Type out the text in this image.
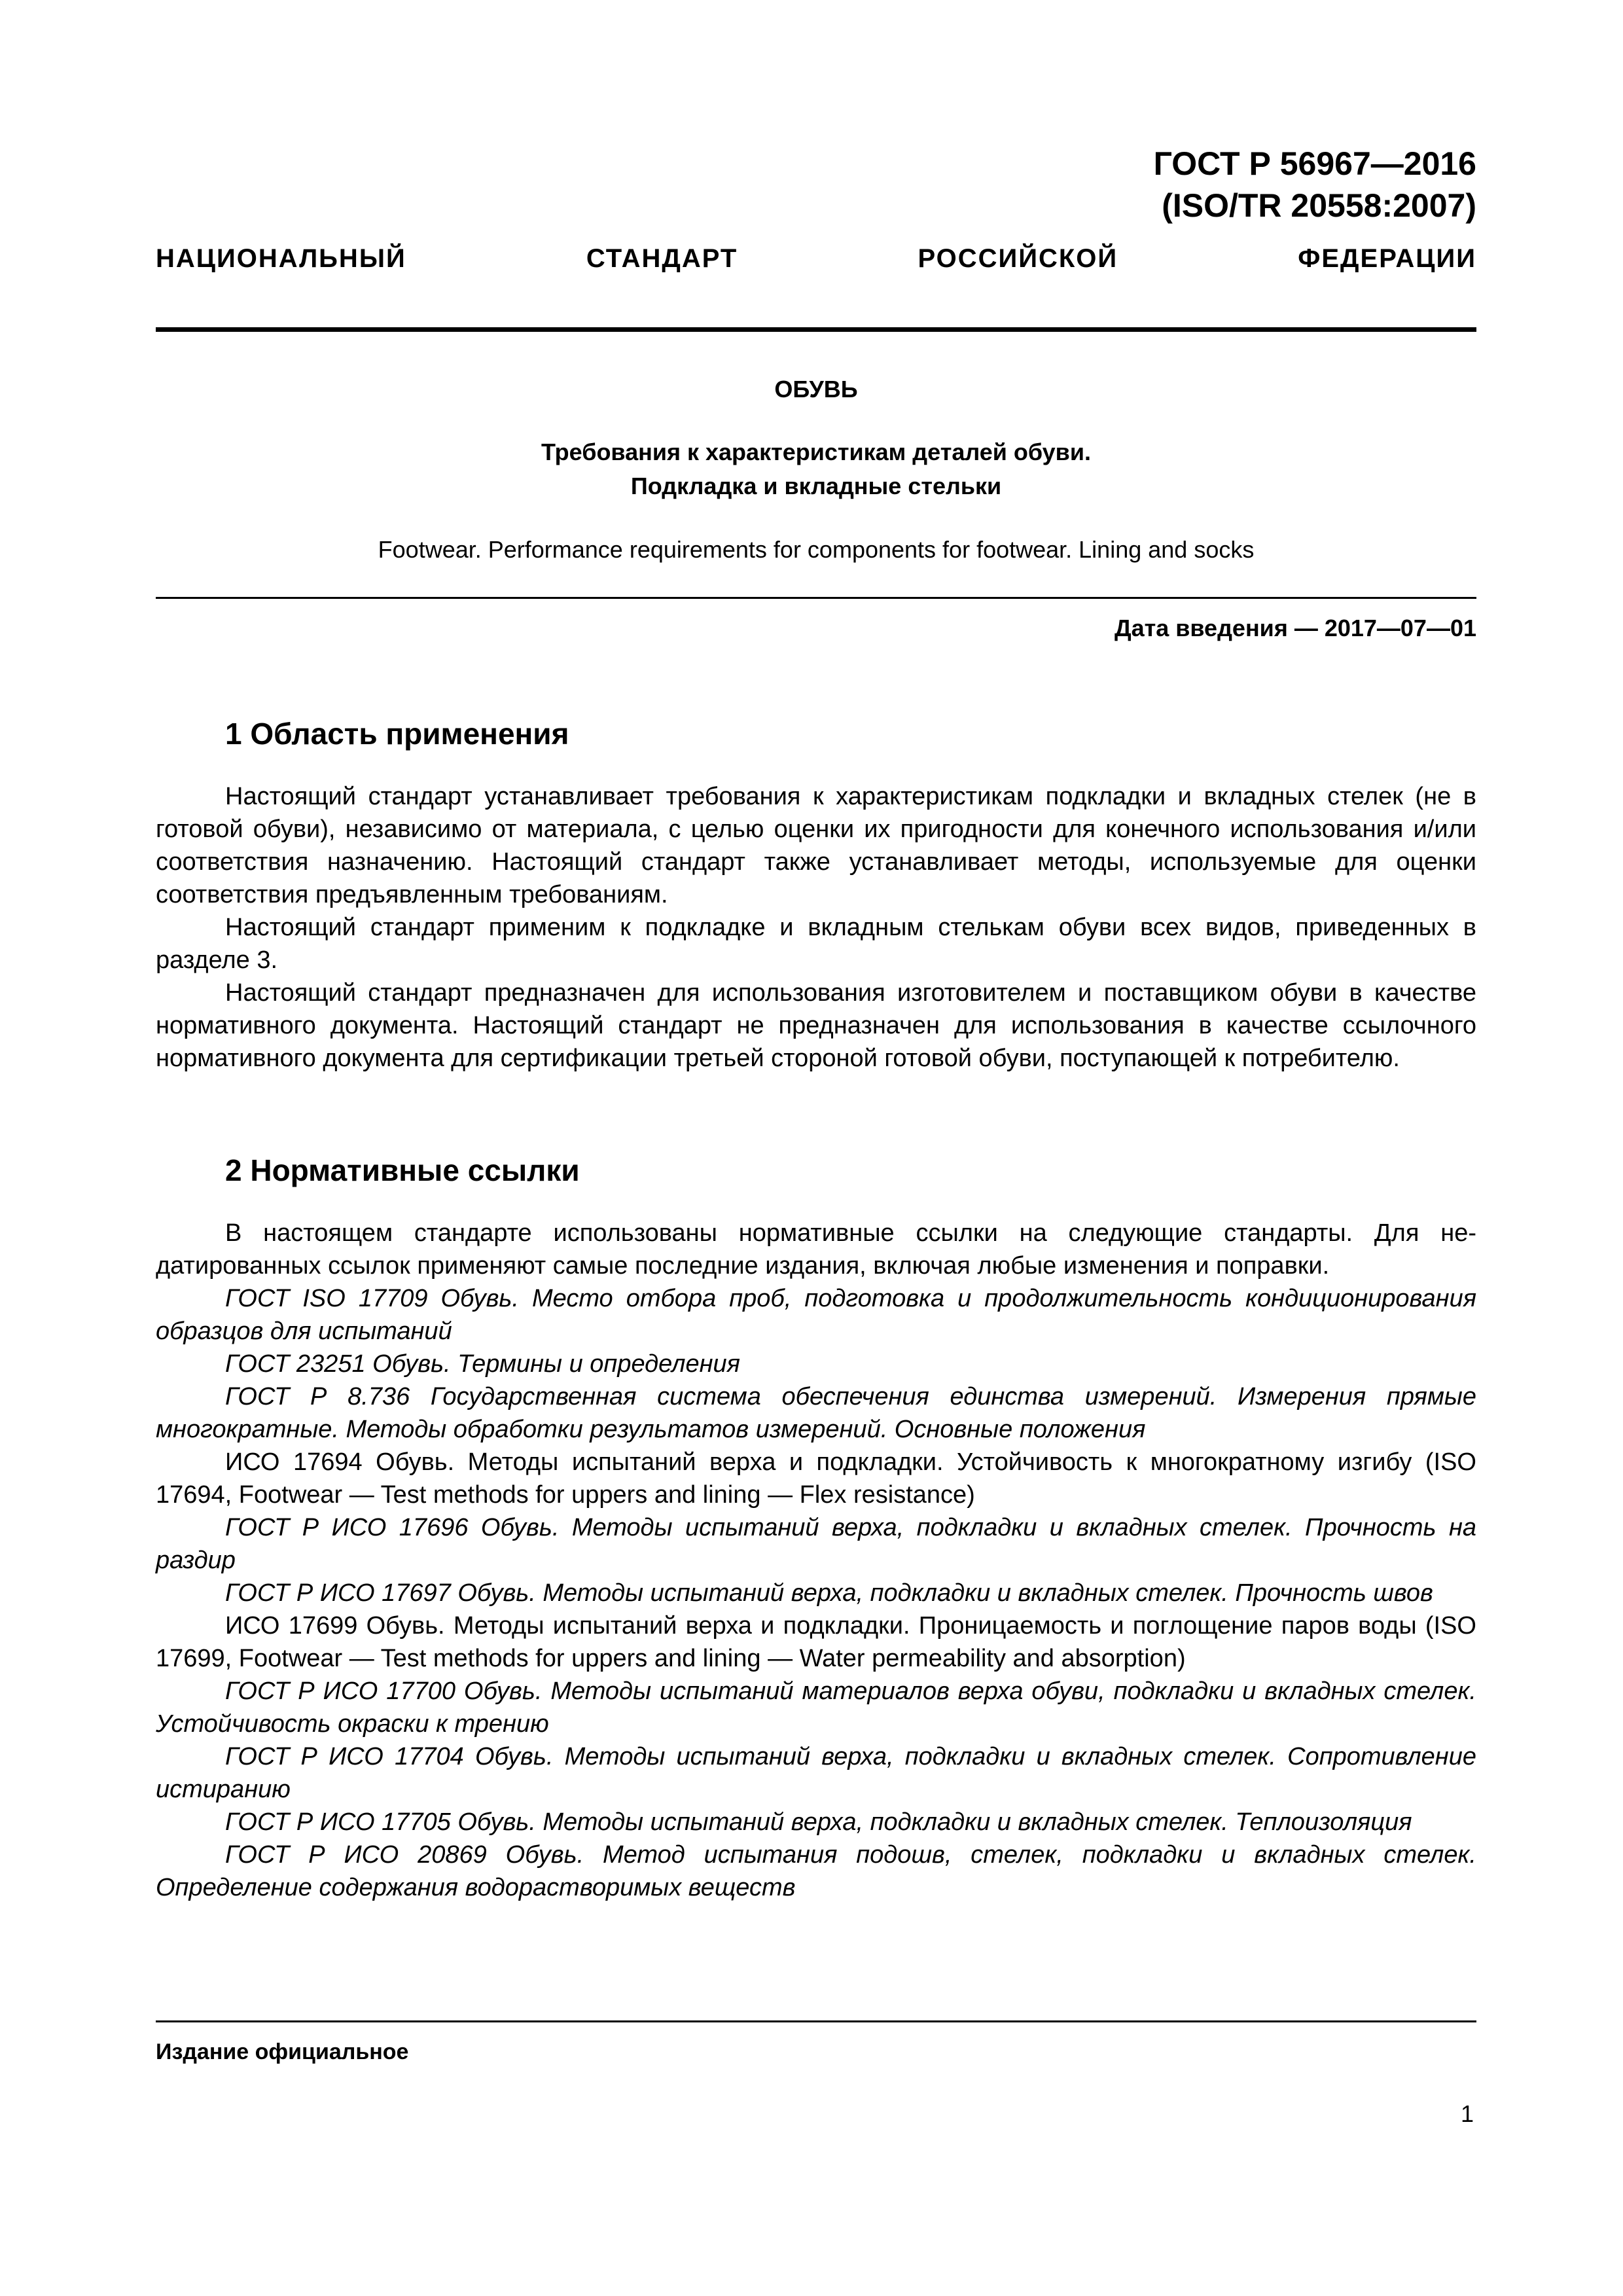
ГОСТ Р 56967—2016
(ISO/TR 20558:2007)
НАЦИОНАЛЬНЫЙ СТАНДАРТ РОССИЙСКОЙ ФЕДЕРАЦИИ
ОБУВЬ
Требования к характеристикам деталей обуви.
Подкладка и вкладные стельки
Footwear. Performance requirements for components for footwear. Lining and socks
Дата введения — 2017—07—01
1 Область применения

Настоящий стандарт устанавливает требования к характеристикам подкладки и вкладных стелек (не в готовой обуви), независимо от материала, с целью оценки их пригодности для конечного использования и/или соответствия назначению. Настоящий стандарт также устанавливает методы, используемые для оценки соответствия предъявленным требованиям.

Настоящий стандарт применим к подкладке и вкладным стелькам обуви всех видов, приведенных в разделе 3.

Настоящий стандарт предназначен для использования изготовителем и поставщиком обуви в качестве нормативного документа. Настоящий стандарт не предназначен для использования в качестве ссылочного нормативного документа для сертификации третьей стороной готовой обуви, поступающей к потребителю.

2 Нормативные ссылки

В настоящем стандарте использованы нормативные ссылки на следующие стандарты. Для недатированных ссылок применяют самые последние издания, включая любые изменения и поправки.

ГОСТ ISO 17709 Обувь. Место отбора проб, подготовка и продолжительность кондиционирования образцов для испытаний

ГОСТ 23251 Обувь. Термины и определения

ГОСТ Р 8.736 Государственная система обеспечения единства измерений. Измерения прямые многократные. Методы обработки результатов измерений. Основные положения

ИСО 17694 Обувь. Методы испытаний верха и подкладки. Устойчивость к многократному изгибу (ISO 17694, Footwear — Test methods for uppers and lining — Flex resistance)

ГОСТ Р ИСО 17696 Обувь. Методы испытаний верха, подкладки и вкладных стелек. Прочность на раздир

ГОСТ Р ИСО 17697 Обувь. Методы испытаний верха, подкладки и вкладных стелек. Прочность швов

ИСО 17699 Обувь. Методы испытаний верха и подкладки. Проницаемость и поглощение паров воды (ISO 17699, Footwear — Test methods for uppers and lining — Water permeability and absorption)

ГОСТ Р ИСО 17700 Обувь. Методы испытаний материалов верха обуви, подкладки и вкладных стелек. Устойчивость окраски к трению

ГОСТ Р ИСО 17704 Обувь. Методы испытаний верха, подкладки и вкладных стелек. Сопротивление истиранию

ГОСТ Р ИСО 17705 Обувь. Методы испытаний верха, подкладки и вкладных стелек. Теплоизоляция

ГОСТ Р ИСО 20869 Обувь. Метод испытания подошв, стелек, подкладки и вкладных стелек. Определение содержания водорастворимых веществ

Издание официальное
1
